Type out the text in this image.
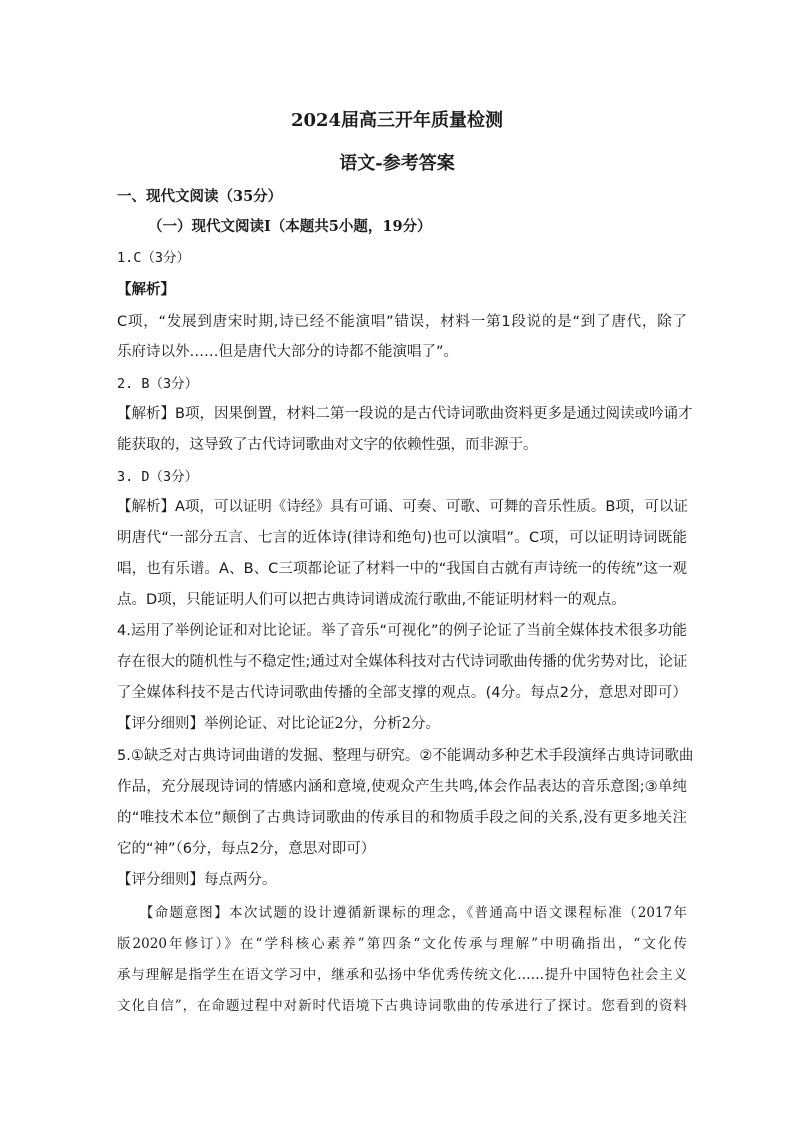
2024届高三开年质量检测
语文-参考答案
一、现代文阅读（35分）
（一）现代文阅读Ⅰ（本题共5小题，19分）
1.C（3分）
【解析】
C项，“发展到唐宋时期,诗已经不能演唱”错误，材料一第1段说的是“到了唐代，除了
乐府诗以外……但是唐代大部分的诗都不能演唱了”。
2. B（3分）
【解析】B项，因果倒置，材料二第一段说的是古代诗词歌曲资料更多是通过阅读或吟诵才
能获取的，这导致了古代诗词歌曲对文字的依赖性强，而非源于。
3. D（3分）
【解析】A项，可以证明《诗经》具有可诵、可奏、可歌、可舞的音乐性质。B项，可以证
明唐代“一部分五言、七言的近体诗(律诗和绝句)也可以演唱”。C项，可以证明诗词既能
唱，也有乐谱。A、B、C三项都论证了材料一中的“我国自古就有声诗统一的传统”这一观
点。D项，只能证明人们可以把古典诗词谱成流行歌曲,不能证明材料一的观点。
4.运用了举例论证和对比论证。举了音乐“可视化”的例子论证了当前全媒体技术很多功能
存在很大的随机性与不稳定性;通过对全媒体科技对古代诗词歌曲传播的优劣势对比，论证
了全媒体科技不是古代诗词歌曲传播的全部支撑的观点。(4分。每点2分，意思对即可）
【评分细则】举例论证、对比论证2分，分析2分。
5.①缺乏对古典诗词曲谱的发掘、整理与研究。②不能调动多种艺术手段演绎古典诗词歌曲
作品，充分展现诗词的情感内涵和意境,使观众产生共鸣,体会作品表达的音乐意图;③单纯
的“唯技术本位”颠倒了古典诗词歌曲的传承目的和物质手段之间的关系,没有更多地关注
它的“神”（6分，每点2分，意思对即可）
【评分细则】每点两分。
　　【命题意图】本次试题的设计遵循新课标的理念，《普通高中语文课程标准（2017年
版2020年修订）》在“学科核心素养”第四条“文化传承与理解”中明确指出，“文化传
承与理解是指学生在语文学习中，继承和弘扬中华优秀传统文化……提升中国特色社会主义
文化自信”，在命题过程中对新时代语境下古典诗词歌曲的传承进行了探讨。您看到的资料
